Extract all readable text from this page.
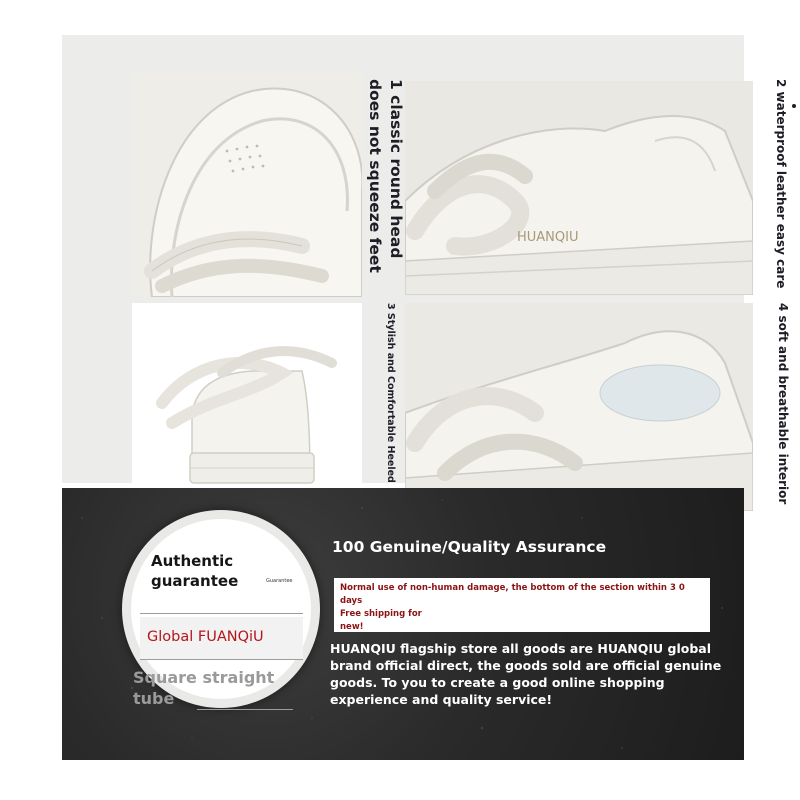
HUANQIU
1 classic round head
does not squeeze feet	2 waterproof leather easy care
3 Stylish and Comfortable Heeled	4 soft and breathable interior
Authentic guarantee	Guarantee
Global FUANQiU
Square straight tube
100 Genuine/Quality Assurance

Normal use of non-human damage, the bottom of the section within 3 0 days

Free shipping for new!

HUANQIU flagship store all goods are HUANQIU global brand official direct, the goods sold are official genuine goods. To you to create a good online shopping experience and quality service!
